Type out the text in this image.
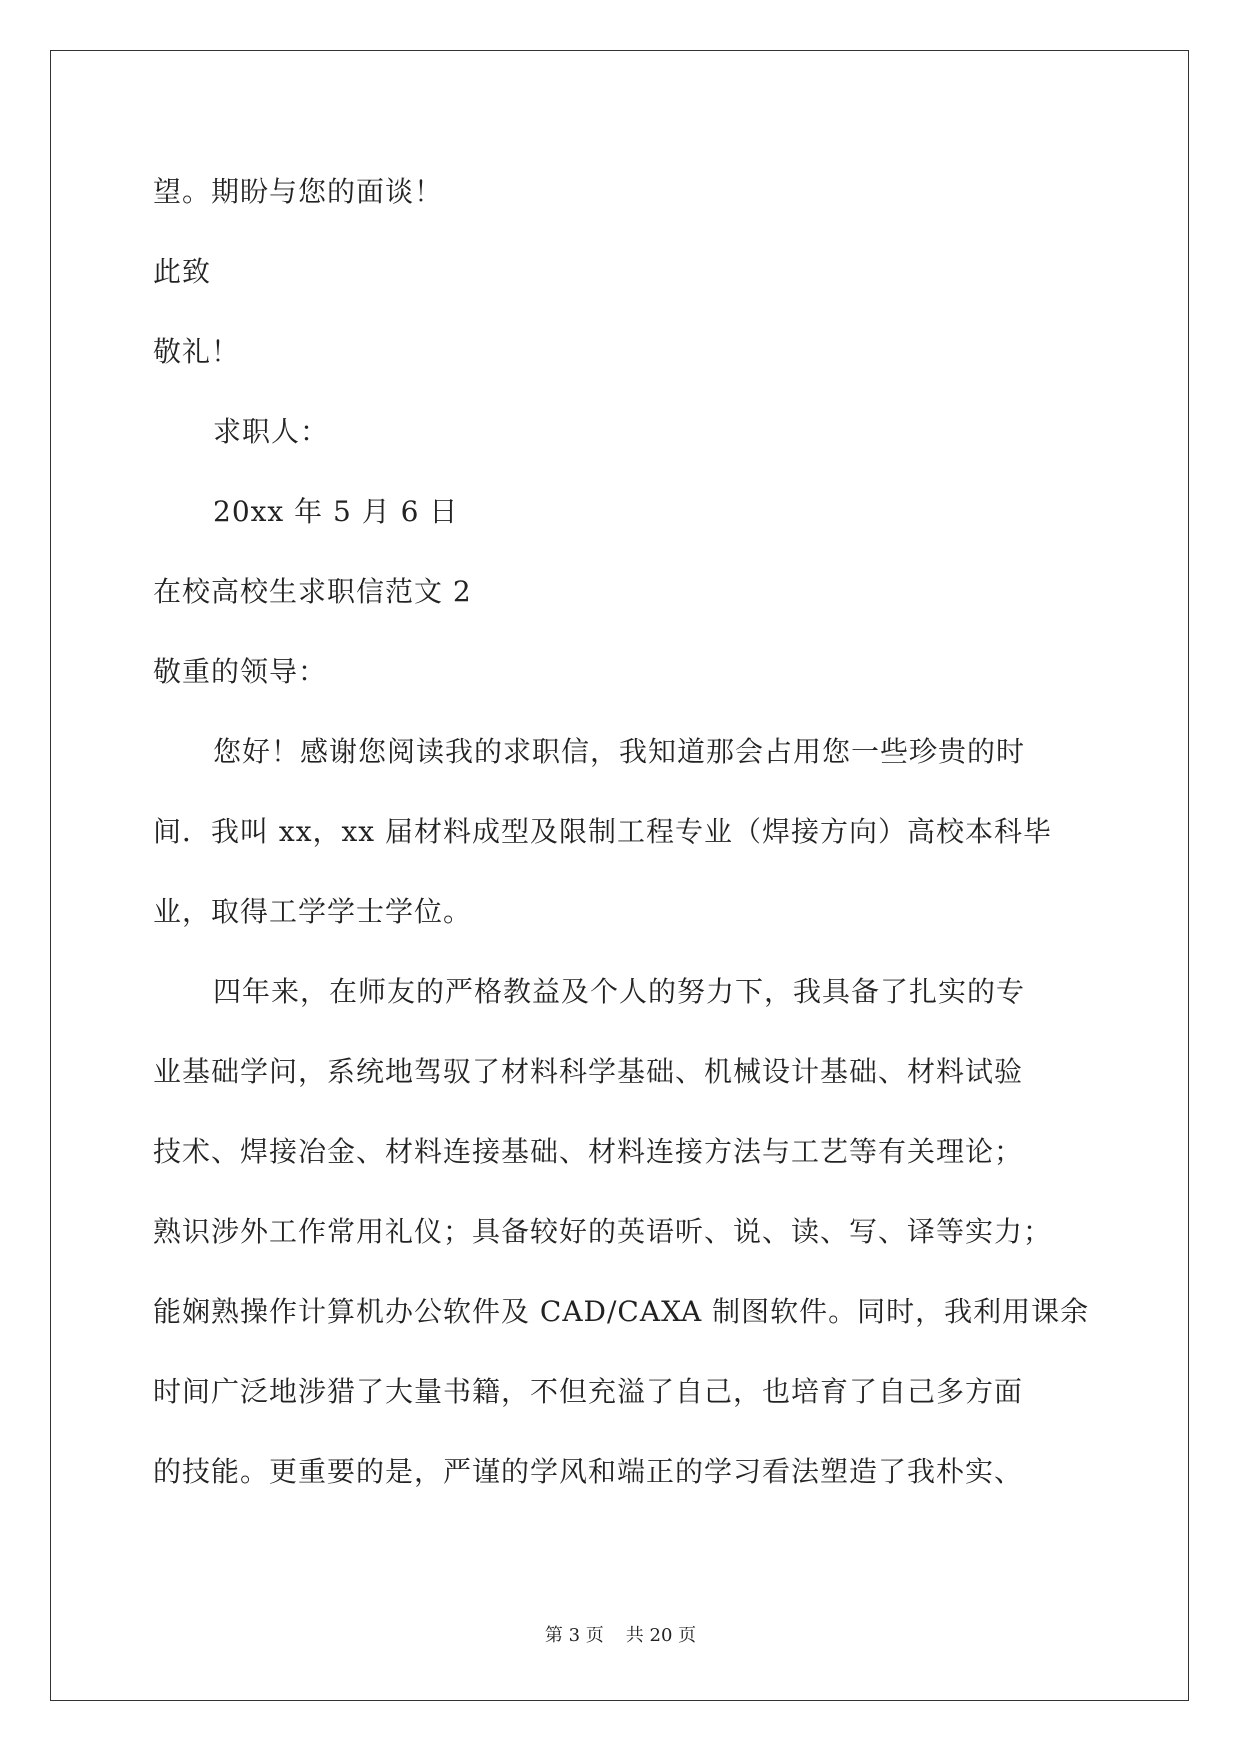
望。期盼与您的面谈！
此致
敬礼！
求职人：
20xx 年 5 月 6 日
在校高校生求职信范文 2
敬重的领导：
您好！感谢您阅读我的求职信，我知道那会占用您一些珍贵的时
间．我叫 xx，xx 届材料成型及限制工程专业（焊接方向）高校本科毕
业，取得工学学士学位。
四年来，在师友的严格教益及个人的努力下，我具备了扎实的专
业基础学问，系统地驾驭了材料科学基础、机械设计基础、材料试验
技术、焊接冶金、材料连接基础、材料连接方法与工艺等有关理论；
熟识涉外工作常用礼仪；具备较好的英语听、说、读、写、译等实力；
能娴熟操作计算机办公软件及 CAD/CAXA 制图软件。同时，我利用课余
时间广泛地涉猎了大量书籍，不但充溢了自己，也培育了自己多方面
的技能。更重要的是，严谨的学风和端正的学习看法塑造了我朴实、
第 3 页 共 20 页
